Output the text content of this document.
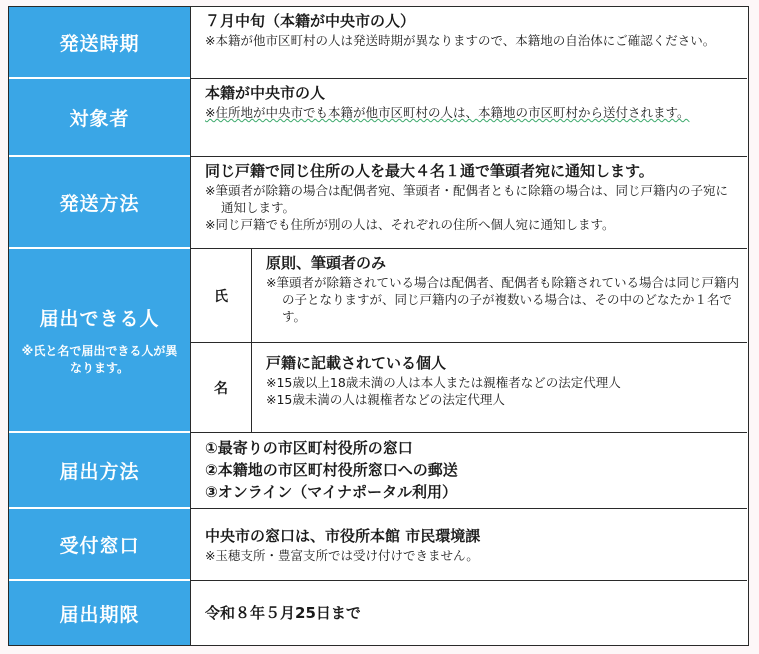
発送時期
７月中旬（本籍が中央市の人）
※本籍が他市区町村の人は発送時期が異なりますので、本籍地の自治体にご確認ください。
対象者
本籍が中央市の人
※住所地が中央市でも本籍が他市区町村の人は、本籍地の市区町村から送付されます。
発送方法
同じ戸籍で同じ住所の人を最大４名１通で筆頭者宛に通知します。
※筆頭者が除籍の場合は配偶者宛、筆頭者・配偶者ともに除籍の場合は、同じ戸籍内の子宛に通知します。
※同じ戸籍でも住所が別の人は、それぞれの住所へ個人宛に通知します。
届出できる人
※氏と名で届出できる人が異なります。
氏
原則、筆頭者のみ
※筆頭者が除籍されている場合は配偶者、配偶者も除籍されている場合は同じ戸籍内の子となりますが、同じ戸籍内の子が複数いる場合は、その中のどなたか１名です。
名
戸籍に記載されている個人
※15歳以上18歳未満の人は本人または親権者などの法定代理人
※15歳未満の人は親権者などの法定代理人
届出方法
①最寄りの市区町村役所の窓口
②本籍地の市区町村役所窓口への郵送
③オンライン（マイナポータル利用）
受付窓口	中央市の窓口は、市役所本館 市民環境課
※玉穂支所・豊富支所では受け付けできません。
届出期限	令和８年５月25日まで
